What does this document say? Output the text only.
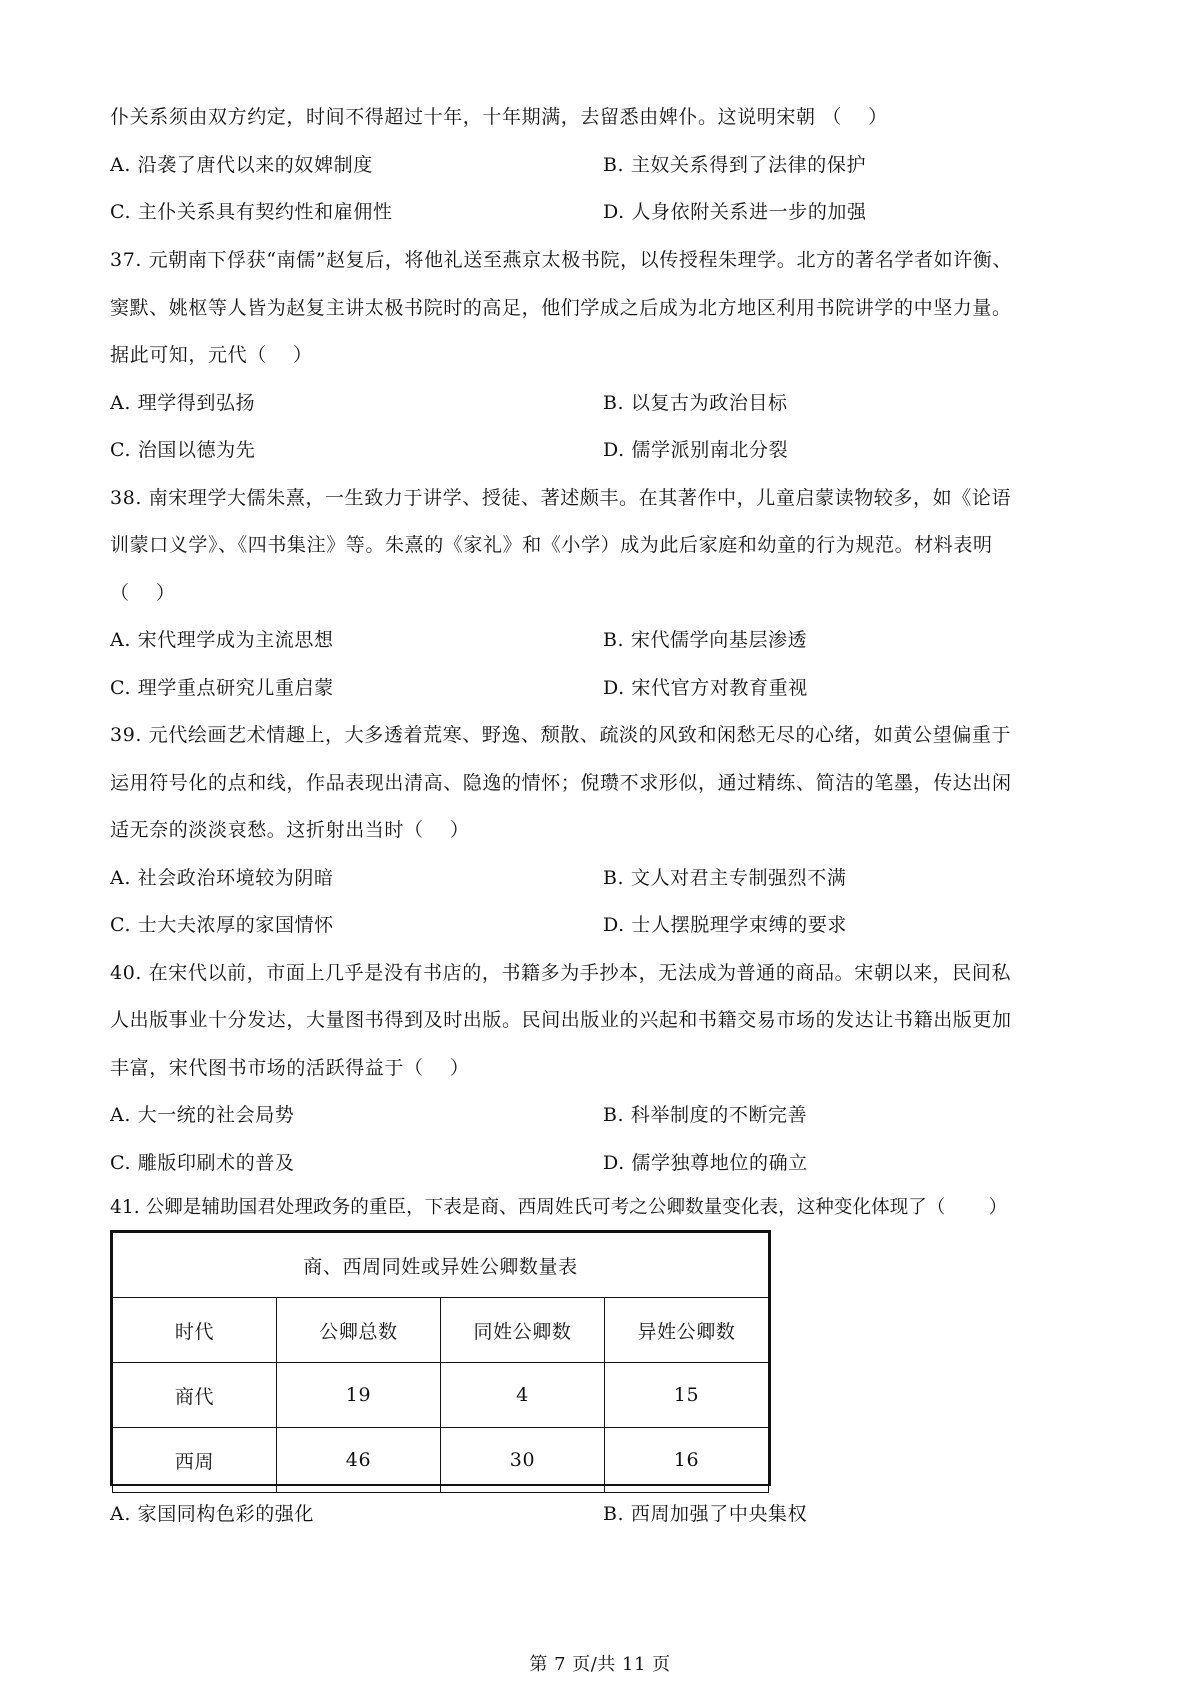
仆关系须由双方约定，时间不得超过十年，十年期满，去留悉由婢仆。这说明宋朝 （　 ）
A. 沿袭了唐代以来的奴婢制度	B. 主奴关系得到了法律的保护
C. 主仆关系具有契约性和雇佣性	D. 人身依附关系进一步的加强
37. 元朝南下俘获“南儒”赵复后，将他礼送至燕京太极书院，以传授程朱理学。北方的著名学者如许衡、
窦默、姚枢等人皆为赵复主讲太极书院时的高足，他们学成之后成为北方地区利用书院讲学的中坚力量。
据此可知，元代（　 ）
A. 理学得到弘扬	B. 以复古为政治目标
C. 治国以德为先	D. 儒学派别南北分裂
38. 南宋理学大儒朱熹，一生致力于讲学、授徒、著述颇丰。在其著作中，儿童启蒙读物较多，如《论语
训蒙口义学》、《四书集注》等。朱熹的《家礼》和《小学）成为此后家庭和幼童的行为规范。材料表明
（　 ）
A. 宋代理学成为主流思想	B. 宋代儒学向基层渗透
C. 理学重点研究儿重启蒙	D. 宋代官方对教育重视
39. 元代绘画艺术情趣上，大多透着荒寒、野逸、颓散、疏淡的风致和闲愁无尽的心绪，如黄公望偏重于
运用符号化的点和线，作品表现出清高、隐逸的情怀；倪瓒不求形似，通过精练、简洁的笔墨，传达出闲
适无奈的淡淡哀愁。这折射出当时（　 ）
A. 社会政治环境较为阴暗	B. 文人对君主专制强烈不满
C. 士大夫浓厚的家国情怀	D. 士人摆脱理学束缚的要求
40. 在宋代以前，市面上几乎是没有书店的，书籍多为手抄本，无法成为普通的商品。宋朝以来，民间私
人出版事业十分发达，大量图书得到及时出版。民间出版业的兴起和书籍交易市场的发达让书籍出版更加
丰富，宋代图书市场的活跃得益于（　 ）
A. 大一统的社会局势	B. 科举制度的不断完善
C. 雕版印刷术的普及	D. 儒学独尊地位的确立
41. 公卿是辅助国君处理政务的重臣，下表是商、西周姓氏可考之公卿数量变化表，这种变化体现了（　　 ）
商、西周同姓或异姓公卿数量表			
时代	公卿总数	同姓公卿数	异姓公卿数
商代	19	4	15
西周	46	30	16
A. 家国同构色彩的强化	B. 西周加强了中央集权
第 7 页/共 11 页
